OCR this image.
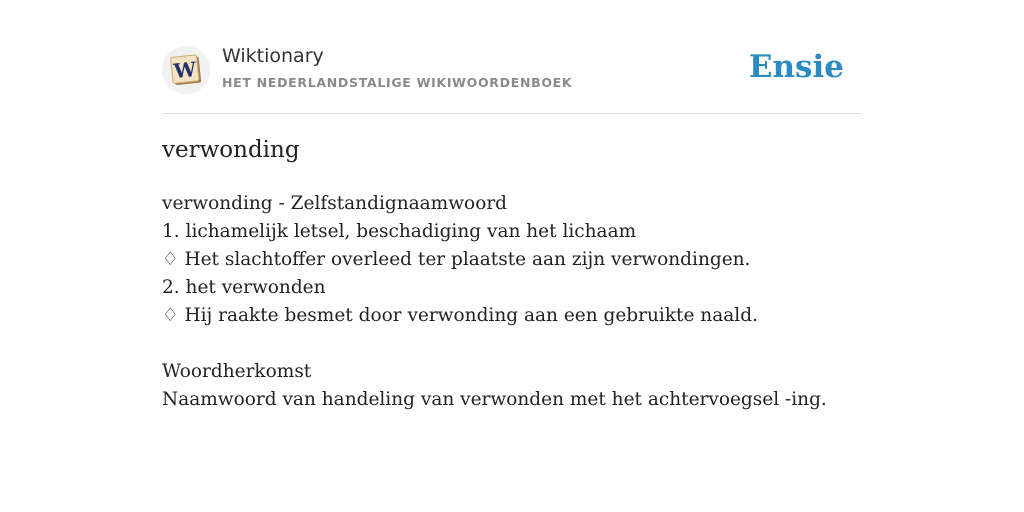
W
Wiktionary
HET NEDERLANDSTALIGE WIKIWOORDENBOEK	Ensie
verwonding
verwonding - Zelfstandignaamwoord
1. lichamelijk letsel, beschadiging van het lichaam
♢ Het slachtoffer overleed ter plaatste aan zijn verwondingen.
2. het verwonden
♢ Hij raakte besmet door verwonding aan een gebruikte naald.
Woordherkomst
Naamwoord van handeling van verwonden met het achtervoegsel -ing.
